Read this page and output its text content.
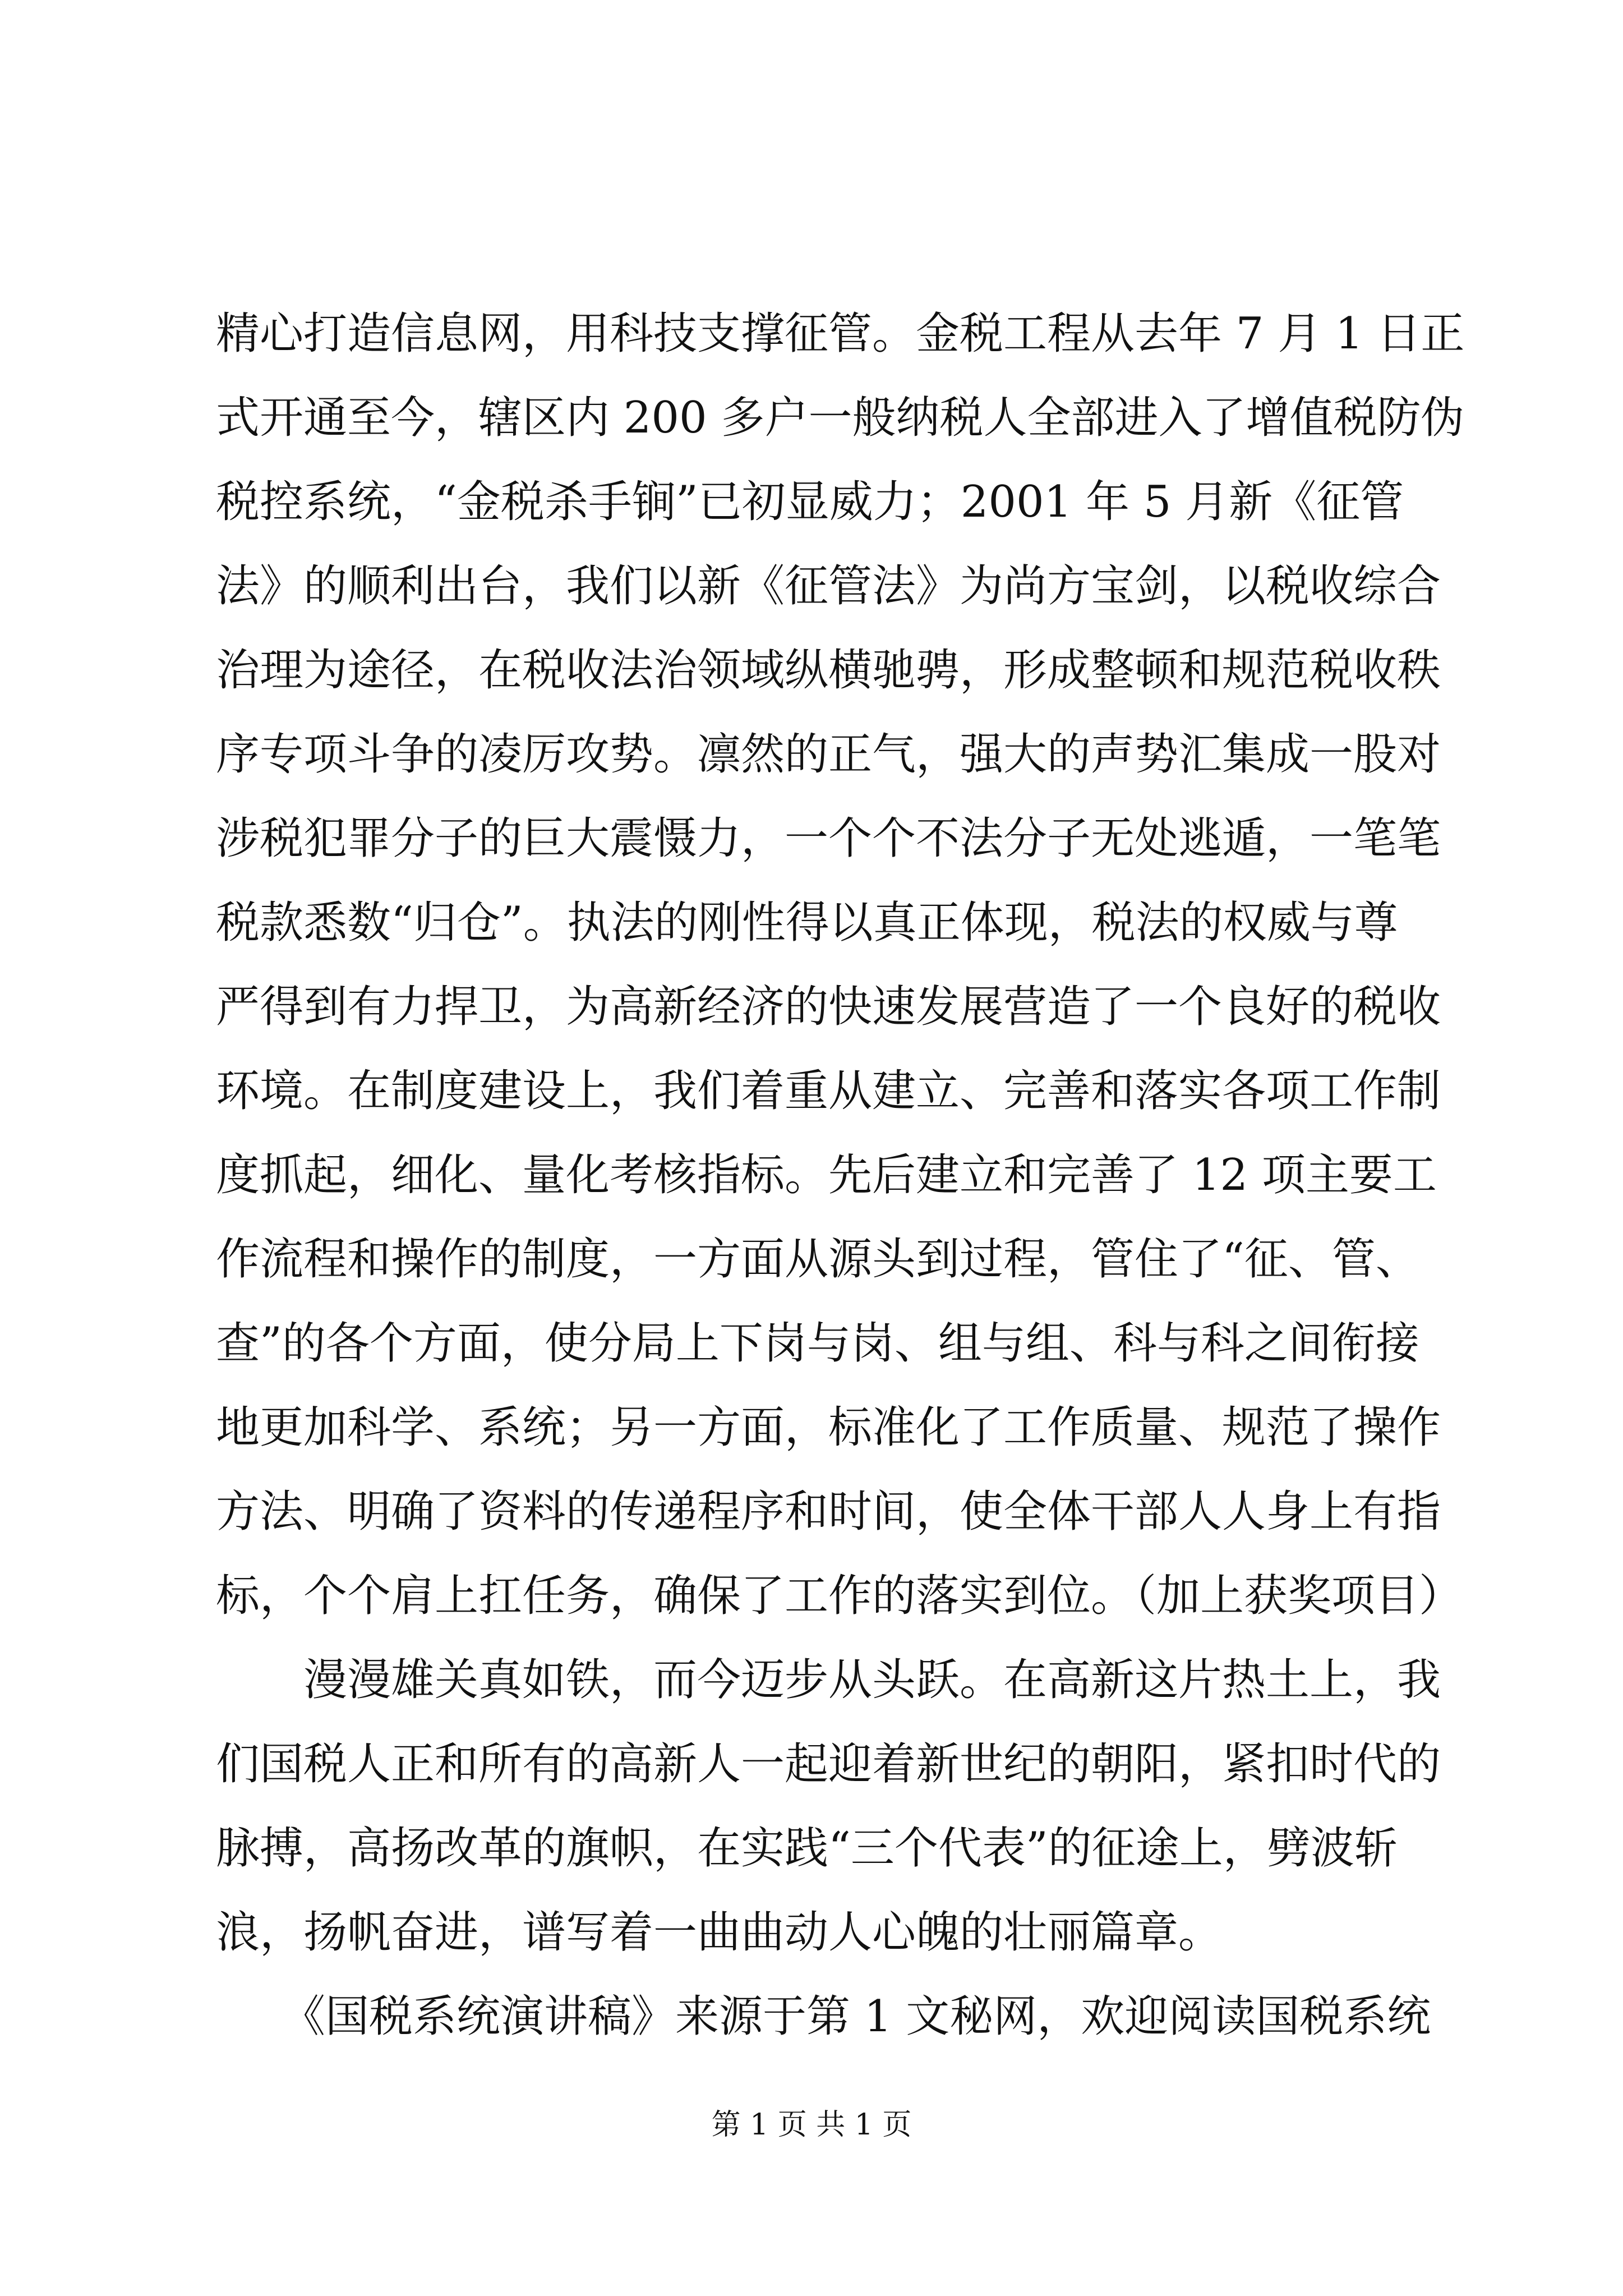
精心打造信息网，用科技支撑征管。金税工程从去年 7 月 1 日正
式开通至今，辖区内 200 多户一般纳税人全部进入了增值税防伪
税控系统，“金税杀手锏”已初显威力；2001 年 5 月新《征管
法》的顺利出台，我们以新《征管法》为尚方宝剑，以税收综合
治理为途径，在税收法治领域纵横驰骋，形成整顿和规范税收秩
序专项斗争的凌厉攻势。凛然的正气，强大的声势汇集成一股对
涉税犯罪分子的巨大震慑力，一个个不法分子无处逃遁，一笔笔
税款悉数“归仓”。执法的刚性得以真正体现，税法的权威与尊
严得到有力捍卫，为高新经济的快速发展营造了一个良好的税收
环境。在制度建设上，我们着重从建立、完善和落实各项工作制
度抓起，细化、量化考核指标。先后建立和完善了 12 项主要工
作流程和操作的制度，一方面从源头到过程，管住了“征、管、
查”的各个方面，使分局上下岗与岗、组与组、科与科之间衔接
地更加科学、系统；另一方面，标准化了工作质量、规范了操作
方法、明确了资料的传递程序和时间，使全体干部人人身上有指
标，个个肩上扛任务，确保了工作的落实到位。（加上获奖项目）
　　漫漫雄关真如铁，而今迈步从头跃。在高新这片热土上，我
们国税人正和所有的高新人一起迎着新世纪的朝阳，紧扣时代的
脉搏，高扬改革的旗帜，在实践“三个代表”的征途上，劈波斩
浪，扬帆奋进，谱写着一曲曲动人心魄的壮丽篇章。
　　《国税系统演讲稿》来源于第 1 文秘网，欢迎阅读国税系统
第 1 页 共 1 页
